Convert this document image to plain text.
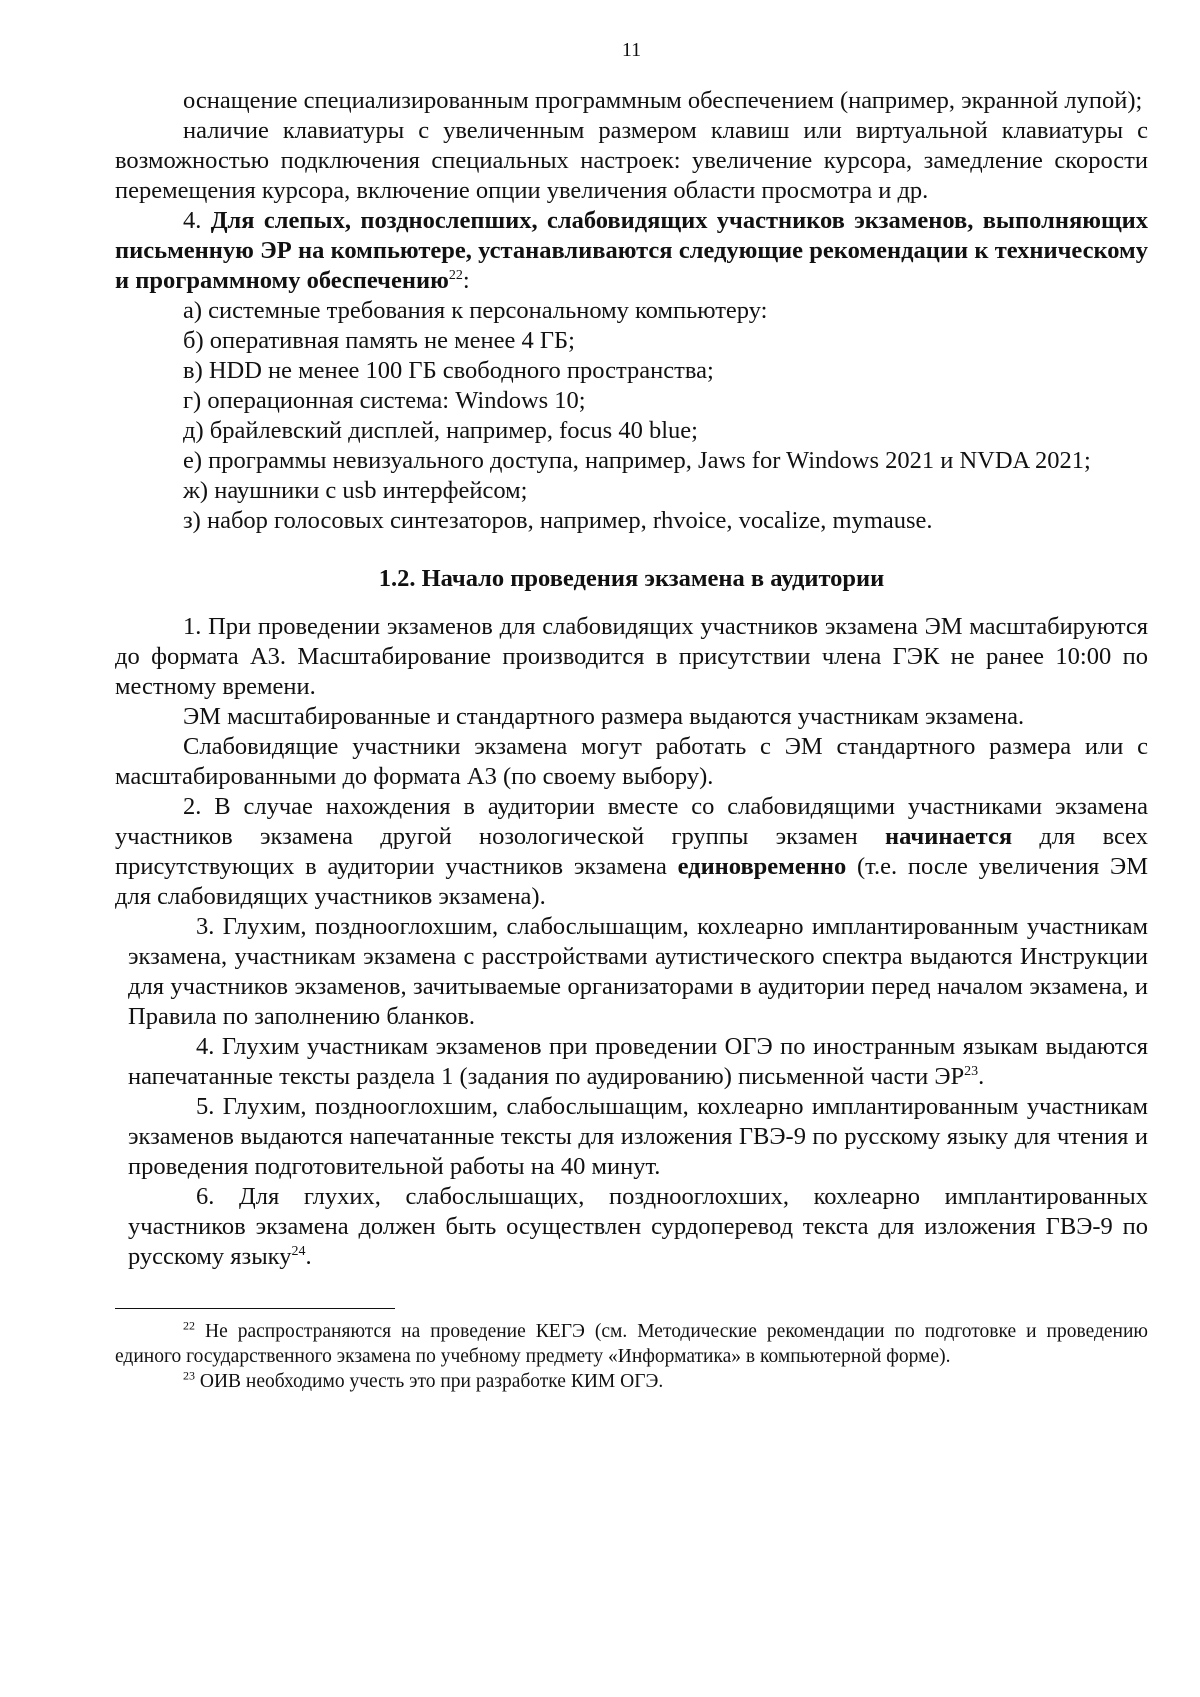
11

оснащение специализированным программным обеспечением (например, экранной лупой);

наличие клавиатуры с увеличенным размером клавиш или виртуальной клавиатуры с возможностью подключения специальных настроек: увеличение курсора, замедление скорости перемещения курсора, включение опции увеличения области просмотра и др.

4. Для слепых, позднослепших, слабовидящих участников экзаменов, выполняющих письменную ЭР на компьютере, устанавливаются следующие рекомендации к техническому и программному обеспечению$^{22}$:

а) системные требования к персональному компьютеру:

б) оперативная память не менее 4 ГБ;

в) HDD не менее 100 ГБ свободного пространства;

г) операционная система: Windows 10;

д) брайлевский дисплей, например, focus 40 blue;

е) программы невизуального доступа, например, Jaws for Windows 2021 и NVDA 2021;

ж) наушники с usb интерфейсом;

з) набор голосовых синтезаторов, например, rhvoice, vocalize, mymause.

1.2. Начало проведения экзамена в аудитории

1. При проведении экзаменов для слабовидящих участников экзамена ЭМ масштабируются до формата А3. Масштабирование производится в присутствии члена ГЭК не ранее 10:00 по местному времени.

ЭМ масштабированные и стандартного размера выдаются участникам экзамена.

Слабовидящие участники экзамена могут работать с ЭМ стандартного размера или с масштабированными до формата А3 (по своему выбору).

2. В случае нахождения в аудитории вместе со слабовидящими участниками экзамена участников экзамена другой нозологической группы экзамен начинается для всех присутствующих в аудитории участников экзамена единовременно (т.е. после увеличения ЭМ для слабовидящих участников экзамена).

3. Глухим, позднооглохшим, слабослышащим, кохлеарно имплантированным участникам экзамена, участникам экзамена с расстройствами аутистического спектра выдаются Инструкции для участников экзаменов, зачитываемые организаторами в аудитории перед началом экзамена, и Правила по заполнению бланков.

4. Глухим участникам экзаменов при проведении ОГЭ по иностранным языкам выдаются напечатанные тексты раздела 1 (задания по аудированию) письменной части ЭР$^{23}$.

5. Глухим, позднооглохшим, слабослышащим, кохлеарно имплантированным участникам экзаменов выдаются напечатанные тексты для изложения ГВЭ-9 по русскому языку для чтения и проведения подготовительной работы на 40 минут.

6. Для глухих, слабослышащих, позднооглохших, кохлеарно имплантированных участников экзамена должен быть осуществлен сурдоперевод текста для изложения ГВЭ-9 по русскому языку$^{24}$.

$^{22}$ Не распространяются на проведение КЕГЭ (см. Методические рекомендации по подготовке и проведению единого государственного экзамена по учебному предмету «Информатика» в компьютерной форме).

$^{23}$ ОИВ необходимо учесть это при разработке КИМ ОГЭ.
